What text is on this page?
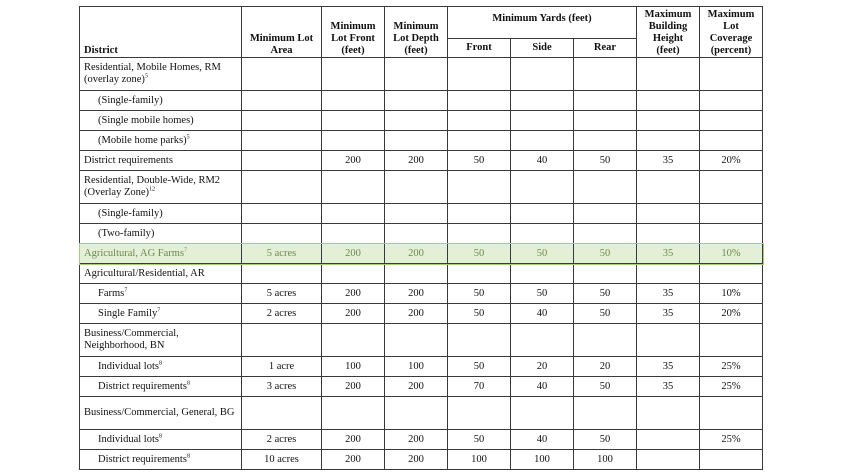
District	Minimum Lot Area	Minimum Lot Front (feet)	Minimum Lot Depth (feet)	Minimum Yards (feet)			Maximum Building Height (feet)	Maximum Lot Coverage (percent)
				Front	Side	Rear		
Residential, Mobile Homes, RM (overlay zone)$^5$								
(Single-family)								
(Single mobile homes)								
(Mobile home parks)$^5$								
District requirements		200	200	50	40	50	35	20%
Residential, Double-Wide, RM2 (Overlay Zone)$^{12}$								
(Single-family)								
(Two-family)								
Agricultural, AG Farms$^7$	5 acres	200	200	50	50	50	35	10%
Agricultural/Residential, AR								
Farms$^7$	5 acres	200	200	50	50	50	35	10%
Single Family$^7$	2 acres	200	200	50	40	50	35	20%
Business/Commercial, Neighborhood, BN								
Individual lots$^8$	1 acre	100	100	50	20	20	35	25%
District requirements$^8$	3 acres	200	200	70	40	50	35	25%
Business/Commercial, General, BG								
Individual lots$^8$	2 acres	200	200	50	40	50		25%
District requirements$^8$	10 acres	200	200	100	100	100		
